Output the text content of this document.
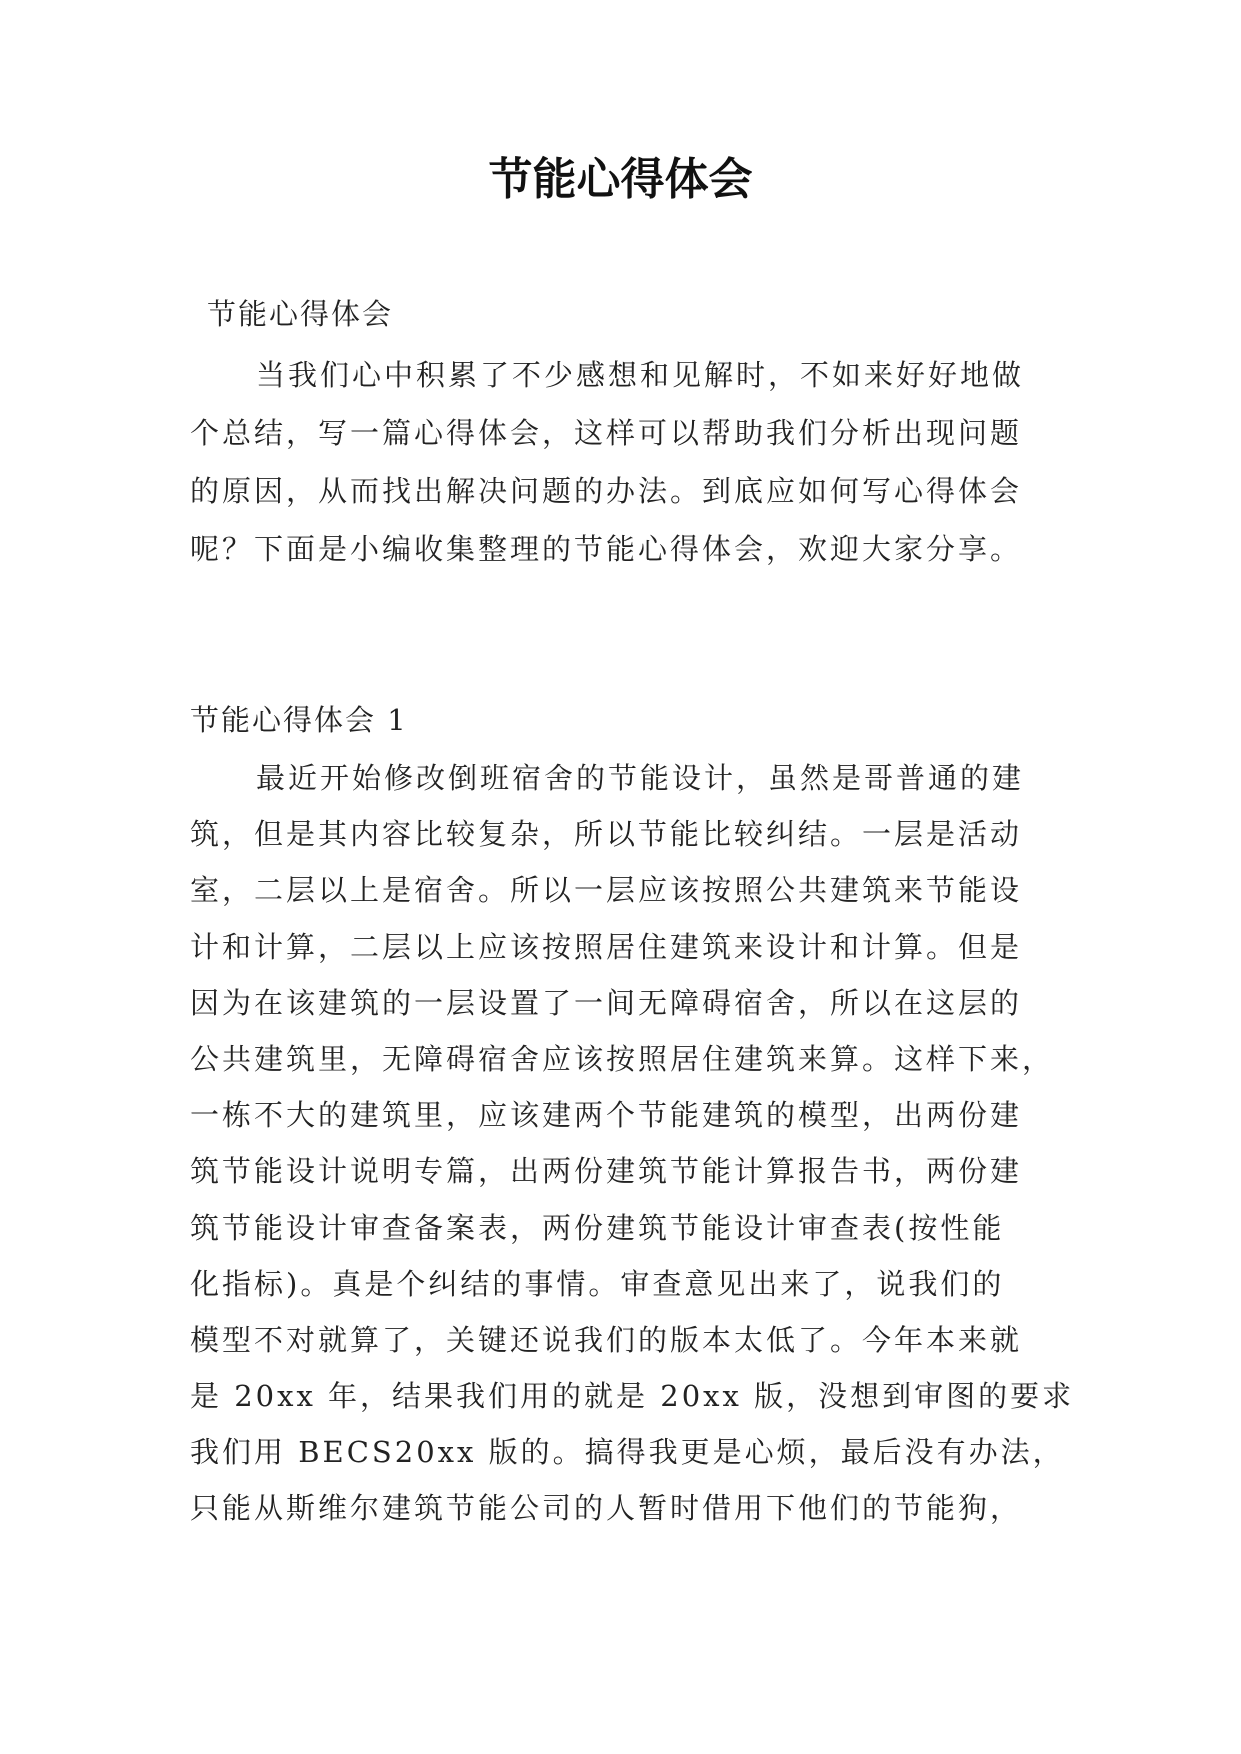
节能心得体会

节能心得体会

当我们心中积累了不少感想和见解时，不如来好好地做
个总结，写一篇心得体会，这样可以帮助我们分析出现问题
的原因，从而找出解决问题的办法。到底应如何写心得体会
呢？下面是小编收集整理的节能心得体会，欢迎大家分享。

节能心得体会 1

最近开始修改倒班宿舍的节能设计，虽然是哥普通的建
筑，但是其内容比较复杂，所以节能比较纠结。一层是活动
室，二层以上是宿舍。所以一层应该按照公共建筑来节能设
计和计算，二层以上应该按照居住建筑来设计和计算。但是
因为在该建筑的一层设置了一间无障碍宿舍，所以在这层的
公共建筑里，无障碍宿舍应该按照居住建筑来算。这样下来，
一栋不大的建筑里，应该建两个节能建筑的模型，出两份建
筑节能设计说明专篇，出两份建筑节能计算报告书，两份建
筑节能设计审查备案表，两份建筑节能设计审查表(按性能
化指标)。真是个纠结的事情。审查意见出来了，说我们的
模型不对就算了，关键还说我们的版本太低了。今年本来就
是 20xx 年，结果我们用的就是 20xx 版，没想到审图的要求
我们用 BECS20xx 版的。搞得我更是心烦，最后没有办法，
只能从斯维尔建筑节能公司的人暂时借用下他们的节能狗，
